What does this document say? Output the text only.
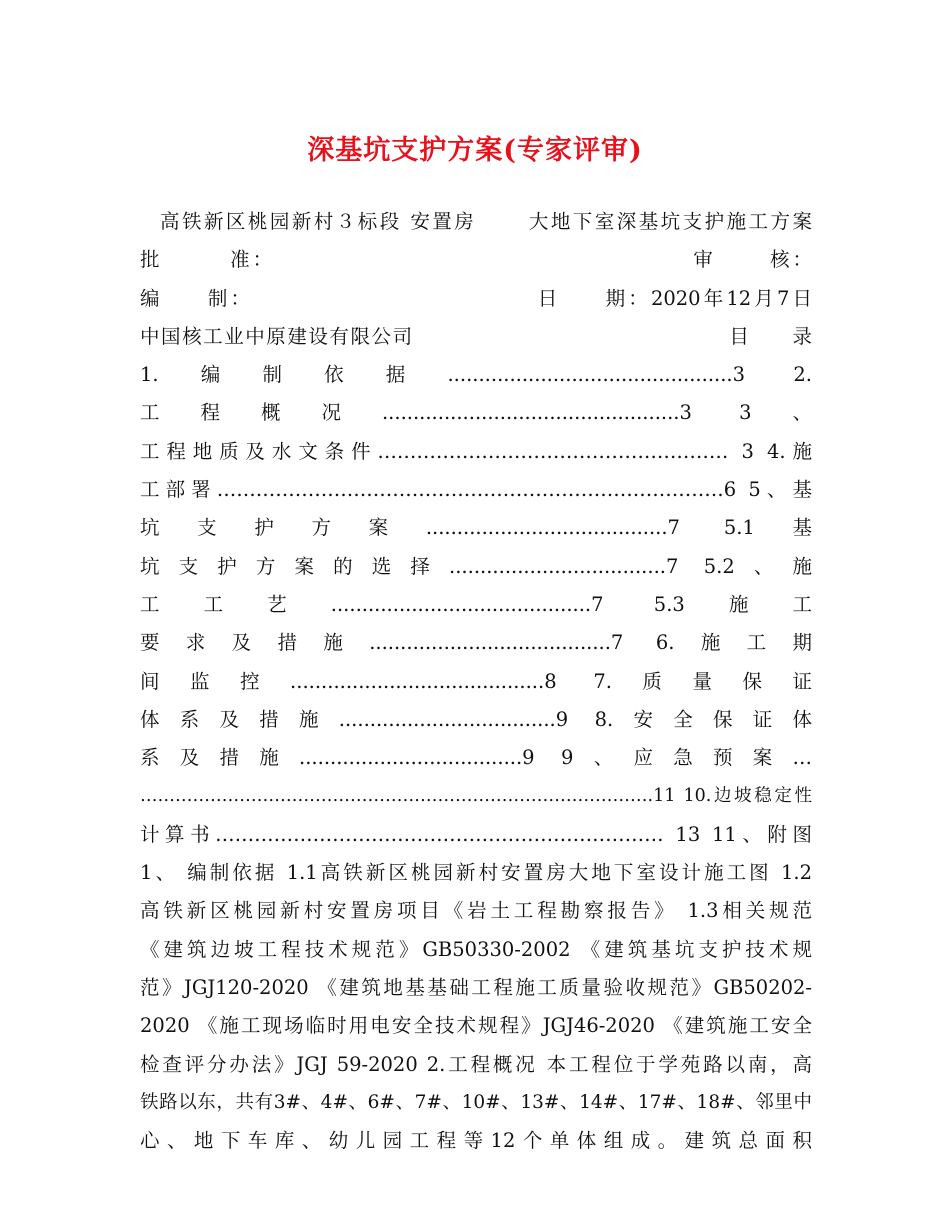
深基坑支护方案(专家评审)
高铁新区桃园新村３标段 安置房　　 大地下室深基坑支护施工方案
批　　　准：　　　　　　　　　　　　　　　　　　　审　　 核：
编　　制：　　　　　　　　　　　　　日　　期：2020年12月7日
中国核工业中原建设有限公司　　　　　　　　　　　　　　　目　　录
1.编制依据..............................................3 2.
工程概况................................................3 3、
工程地质及水文条件……………………………………………… 3 4.施
工部署……………………………………………………………………6 5、基
坑支护方案.......................................7 5.1基
坑支护方案的选择...................................7 5.2、施
工工艺..........................................7 5.3施工
要求及措施.......................................7 6.施工期
间监控.........................................8 7.质量保证
体系及措施...................................9 8.安全保证体
系及措施....................................9 9、应急预案…
…………………………………………………………………………….11 10.边坡稳定性
计算书…………………………………………………………… 13 11、附图
1、 编制依据 1.1高铁新区桃园新村安置房大地下室设计施工图 1.2
高铁新区桃园新村安置房项目《岩土工程勘察报告》 1.3相关规范
《建筑边坡工程技术规范》GB50330-2002 《建筑基坑支护技术规
范》JGJ120-2020 《建筑地基基础工程施工质量验收规范》GB50202-
2020 《施工现场临时用电安全技术规程》JGJ46-2020 《建筑施工安全
检查评分办法》JGJ 59-2020 2.工程概况 本工程位于学苑路以南，高
铁路以东，共有3#、4#、6#、7#、10#、13#、14#、17#、18#、邻里中
心、地下车库、幼儿园工程等12个单体组成。建筑总面积
